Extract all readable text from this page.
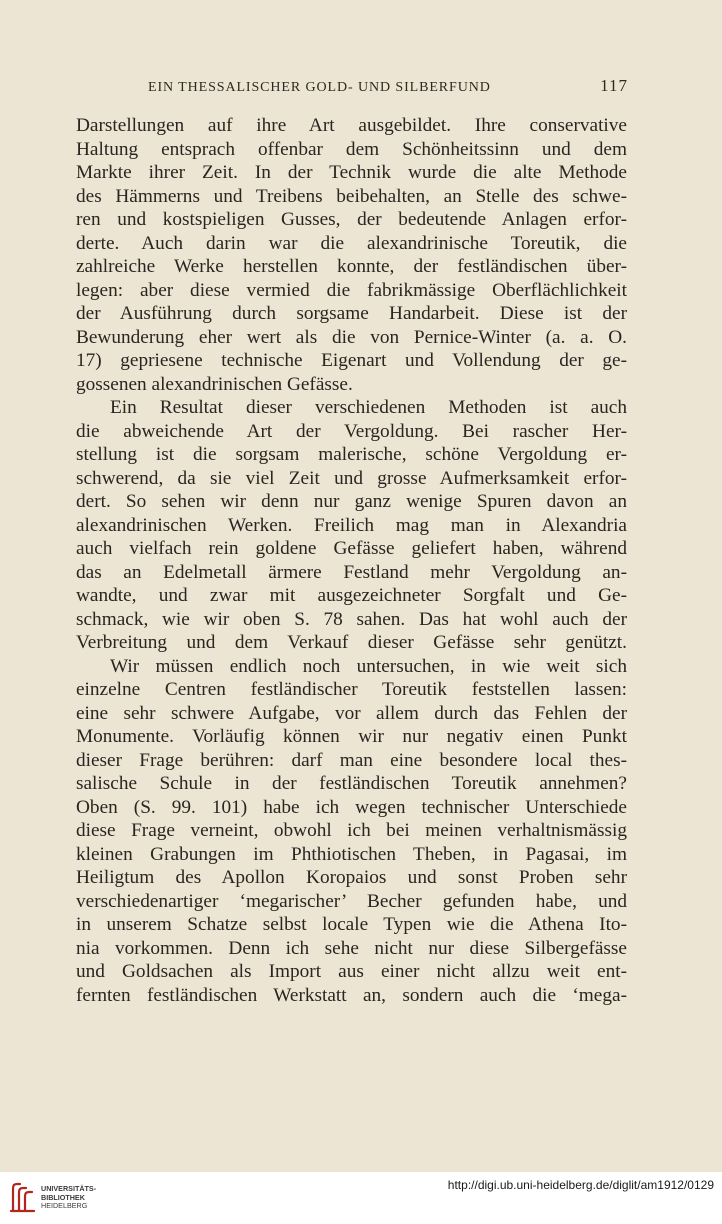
EIN THESSALISCHER GOLD- UND SILBERFUND	117
Darstellungen auf ihre Art ausgebildet. Ihre conservative
Haltung entsprach offenbar dem Schönheitssinn und dem
Markte ihrer Zeit. In der Technik wurde die alte Methode
des Hämmerns und Treibens beibehalten, an Stelle des schwe-
ren und kostspieligen Gusses, der bedeutende Anlagen erfor-
derte. Auch darin war die alexandrinische Toreutik, die
zahlreiche Werke herstellen konnte, der festländischen über-
legen: aber diese vermied die fabrikmässige Oberflächlichkeit
der Ausführung durch sorgsame Handarbeit. Diese ist der
Bewunderung eher wert als die von Pernice-Winter (a. a. O.
17) gepriesene technische Eigenart und Vollendung der ge-
gossenen alexandrinischen Gefässe.
Ein Resultat dieser verschiedenen Methoden ist auch
die abweichende Art der Vergoldung. Bei rascher Her-
stellung ist die sorgsam malerische, schöne Vergoldung er-
schwerend, da sie viel Zeit und grosse Aufmerksamkeit erfor-
dert. So sehen wir denn nur ganz wenige Spuren davon an
alexandrinischen Werken. Freilich mag man in Alexandria
auch vielfach rein goldene Gefässe geliefert haben, während
das an Edelmetall ärmere Festland mehr Vergoldung an-
wandte, und zwar mit ausgezeichneter Sorgfalt und Ge-
schmack, wie wir oben S. 78 sahen. Das hat wohl auch der
Verbreitung und dem Verkauf dieser Gefässe sehr genützt.
Wir müssen endlich noch untersuchen, in wie weit sich
einzelne Centren festländischer Toreutik feststellen lassen:
eine sehr schwere Aufgabe, vor allem durch das Fehlen der
Monumente. Vorläufig können wir nur negativ einen Punkt
dieser Frage berühren: darf man eine besondere local thes-
salische Schule in der festländischen Toreutik annehmen?
Oben (S. 99. 101) habe ich wegen technischer Unterschiede
diese Frage verneint, obwohl ich bei meinen verhaltnismässig
kleinen Grabungen im Phthiotischen Theben, in Pagasai, im
Heiligtum des Apollon Koropaios und sonst Proben sehr
verschiedenartiger ‘megarischer’ Becher gefunden habe, und
in unserem Schatze selbst locale Typen wie die Athena Ito-
nia vorkommen. Denn ich sehe nicht nur diese Silbergefässe
und Goldsachen als Import aus einer nicht allzu weit ent-
fernten festländischen Werkstatt an, sondern auch die ‘mega-
UNIVERSITÄTS-
BIBLIOTHEK
HEIDELBERG
http://digi.ub.uni-heidelberg.de/diglit/am1912/0129
